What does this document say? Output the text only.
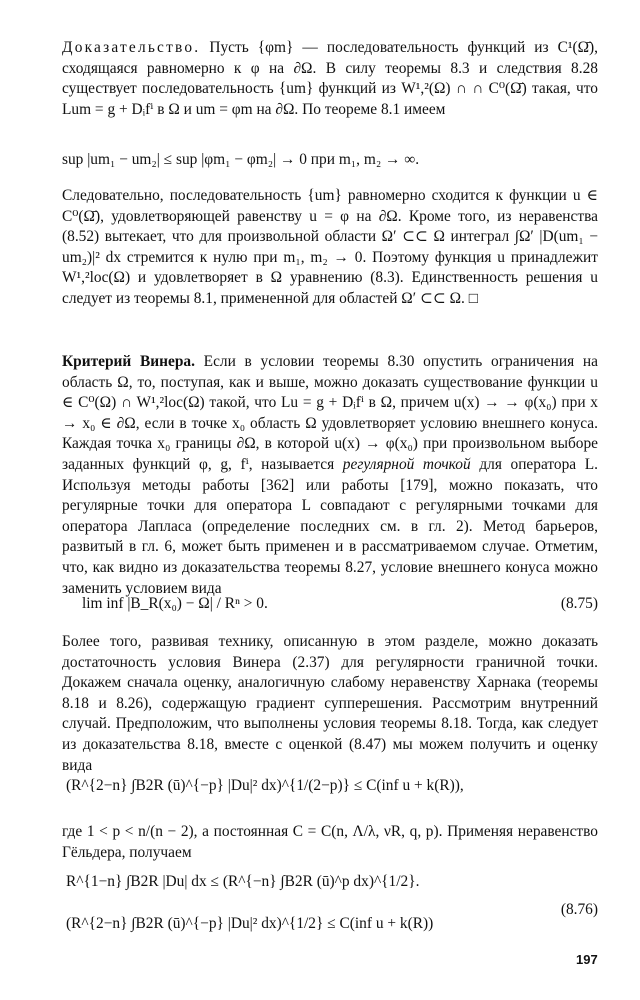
Доказательство. Пусть {φm} — последовательность функций из C¹(Ω̄), сходящаяся равномерно к φ на ∂Ω. В силу теоремы 8.3 и следствия 8.28 существует последовательность {um} функций из W¹,²(Ω) ∩ ∩ C⁰(Ω̄) такая, что Lum = g + Dᵢfⁱ в Ω и um = φm на ∂Ω. По теореме 8.1 имеем

sup |um₁ − um₂| ≤ sup |φm₁ − φm₂| → 0 при m₁, m₂ → ∞.

Следовательно, последовательность {um} равномерно сходится к функции u ∈ C⁰(Ω̄), удовлетворяющей равенству u = φ на ∂Ω. Кроме того, из неравенства (8.52) вытекает, что для произвольной области Ω′ ⊂⊂ Ω интеграл ∫Ω′ |D(um₁ − um₂)|² dx стремится к нулю при m₁, m₂ → 0. Поэтому функция u принадлежит W¹,²loc(Ω) и удовлетворяет в Ω уравнению (8.3). Единственность решения u следует из теоремы 8.1, примененной для областей Ω′ ⊂⊂ Ω. □

Критерий Винера. Если в условии теоремы 8.30 опустить ограничения на область Ω, то, поступая, как и выше, можно доказать существование функции u ∈ C⁰(Ω) ∩ W¹,²loc(Ω) такой, что Lu = g + Dᵢfⁱ в Ω, причем u(x) → → φ(x₀) при x → x₀ ∈ ∂Ω, если в точке x₀ область Ω удовлетворяет условию внешнего конуса. Каждая точка x₀ границы ∂Ω, в которой u(x) → φ(x₀) при произвольном выборе заданных функций φ, g, fⁱ, называется регулярной точкой для оператора L. Используя методы работы [362] или работы [179], можно показать, что регулярные точки для оператора L совпадают с регулярными точками для оператора Лапласа (определение последних см. в гл. 2). Метод барьеров, развитый в гл. 6, может быть применен и в рассматриваемом случае. Отметим, что, как видно из доказательства теоремы 8.27, условие внешнего конуса можно заменить условием вида

lim inf |B_R(x₀) − Ω| / Rⁿ > 0.	(8.75)

Более того, развивая технику, описанную в этом разделе, можно доказать достаточность условия Винера (2.37) для регулярности граничной точки. Докажем сначала оценку, аналогичную слабому неравенству Харнака (теоремы 8.18 и 8.26), содержащую градиент супперешения. Рассмотрим внутренний случай. Предположим, что выполнены условия теоремы 8.18. Тогда, как следует из доказательства 8.18, вместе с оценкой (8.47) мы можем получить и оценку вида

(R^{2−n} ∫B2R (ū)^{−p} |Du|² dx)^{1/(2−p)} ≤ C(inf u + k(R)),

где 1 < p < n/(n − 2), а постоянная C = C(n, Λ/λ, νR, q, p). Применяя неравенство Гёльдера, получаем

R^{1−n} ∫B2R |Du| dx ≤ (R^{−n} ∫B2R (ū)^p dx)^{1/2}.
(R^{2−n} ∫B2R (ū)^{−p} |Du|² dx)^{1/2} ≤ C(inf u + k(R))
(8.76)
197
